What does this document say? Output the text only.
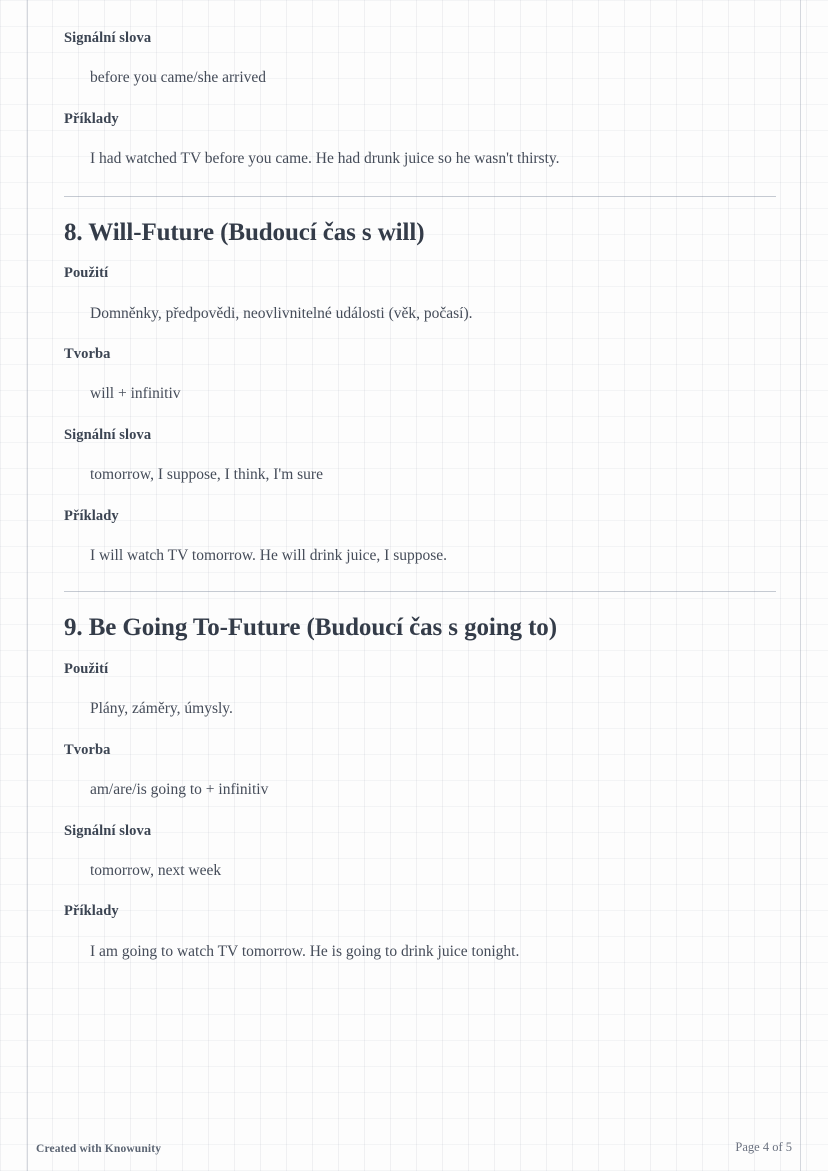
Signální slova

before you came/she arrived

Příklady

I had watched TV before you came. He had drunk juice so he wasn't thirsty.

8. Will-Future (Budoucí čas s will)

Použití

Domněnky, předpovědi, neovlivnitelné události (věk, počasí).

Tvorba

will + infinitiv

Signální slova

tomorrow, I suppose, I think, I'm sure

Příklady

I will watch TV tomorrow. He will drink juice, I suppose.

9. Be Going To-Future (Budoucí čas s going to)

Použití

Plány, záměry, úmysly.

Tvorba

am/are/is going to + infinitiv

Signální slova

tomorrow, next week

Příklady

I am going to watch TV tomorrow. He is going to drink juice tonight.

Created with Knowunity	Page 4 of 5
